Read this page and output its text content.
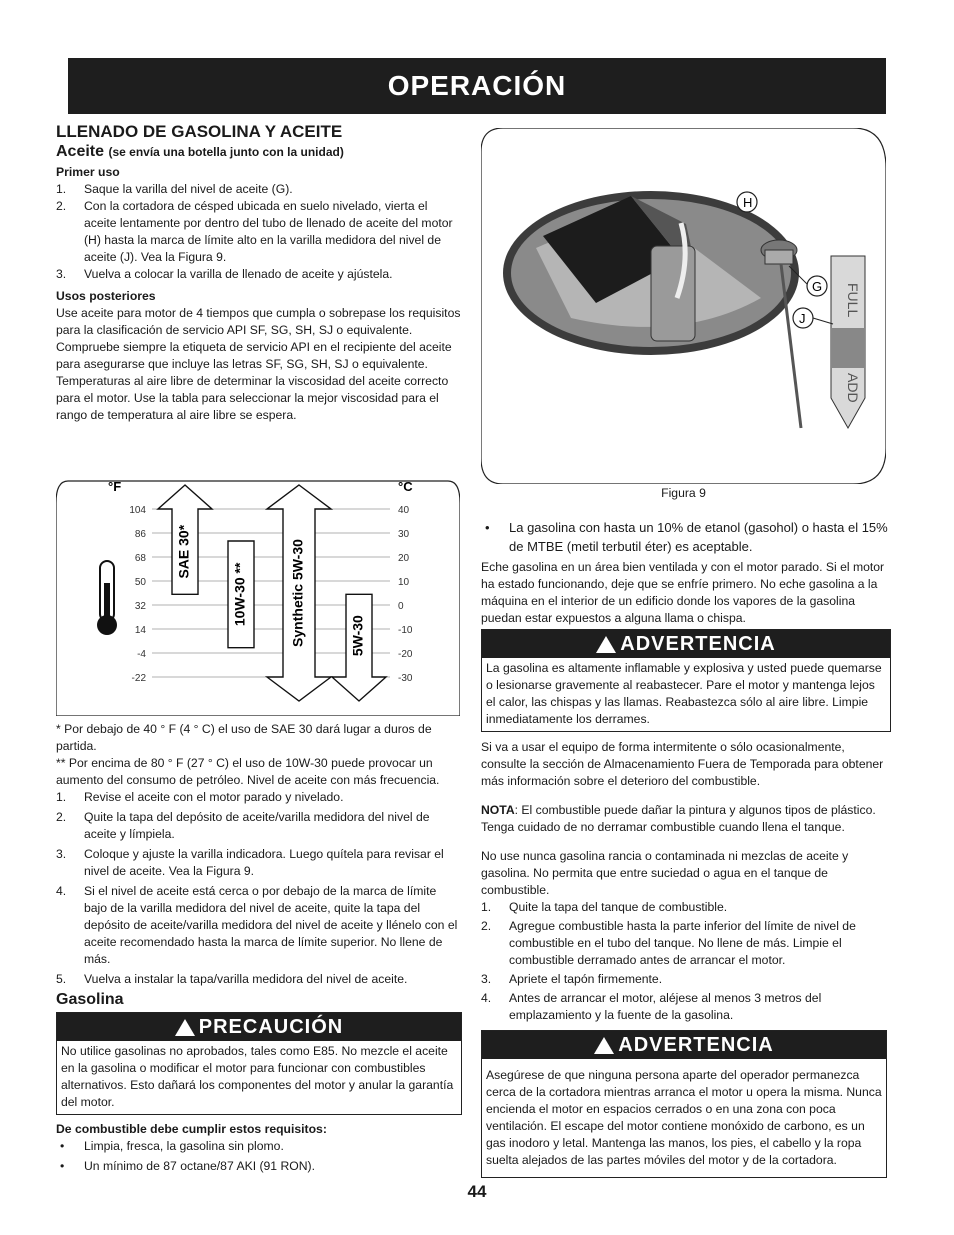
OPERACIÓN
LLENADO DE GASOLINA Y ACEITE
Aceite (se envía una botella junto con la unidad)
Primer uso
1. Saque la varilla del nivel de aceite (G).
2. Con la cortadora de césped ubicada en suelo nivelado, vierta el aceite lentamente por dentro del tubo de llenado de aceite del motor (H) hasta la marca de límite alto en la varilla medidora del nivel de aceite (J). Vea la Figura 9.
3. Vuelva a colocar la varilla de llenado de aceite y ajústela.
Usos posteriores

Use aceite para motor de 4 tiempos que cumpla o sobrepase los requisitos para la clasificación de servicio API SF, SG, SH, SJ o equivalente.

Compruebe siempre la etiqueta de servicio API en el recipiente del aceite para asegurarse que incluye las letras SF, SG, SH, SJ o equivalente. Temperaturas al aire libre de determinar la viscosidad del aceite correcto para el motor. Use la tabla para seleccionar la mejor viscosidad para el rango de temperatura al aire libre se espera.

°F	°C
104	40
86	30
68	20
50	10
32	0
14	-10
-4	-20
-22	-30
SAE 30*
10W-30 **	Synthetic 5W-30	5W-30

* Por debajo de 40 ° F (4 ° C) el uso de SAE 30 dará lugar a duros de partida.

** Por encima de 80 ° F (27 ° C) el uso de 10W-30 puede provocar un aumento del consumo de petróleo. Nivel de aceite con más frecuencia.

1. Revise el aceite con el motor parado y nivelado.
2. Quite la tapa del depósito de aceite/varilla medidora del nivel de aceite y límpiela.
3. Coloque y ajuste la varilla indicadora. Luego quítela para revisar el nivel de aceite. Vea la Figura 9.
4. Si el nivel de aceite está cerca o por debajo de la marca de límite bajo de la varilla medidora del nivel de aceite, quite la tapa del depósito de aceite/varilla medidora del nivel de aceite y llénelo con el aceite recomendado hasta la marca de límite superior. No llene de más.
5. Vuelva a instalar la tapa/varilla medidora del nivel de aceite.
Gasolina
PRECAUCIÓN
No utilice gasolinas no aprobados, tales como E85. No mezcle el aceite en la gasolina o modificar el motor para funcionar con combustibles alternativos. Esto dañará los componentes del motor y anular la garantía del motor.
De combustible debe cumplir estos requisitos:
• Limpia, fresca, la gasolina sin plomo.
• Un mínimo de 87 octane/87 AKI (91 RON).
FULL
ADD
H
G
J
Figura 9
• La gasolina con hasta un 10% de etanol (gasohol) o hasta el 15% de MTBE (metil terbutil éter) es aceptable.

Eche gasolina en un área bien ventilada y con el motor parado. Si el motor ha estado funcionando, deje que se enfríe primero. No eche gasolina a la máquina en el interior de un edificio donde los vapores de la gasolina puedan estar expuestos a alguna llama o chispa.

ADVERTENCIA
La gasolina es altamente inflamable y explosiva y usted puede quemarse o lesionarse gravemente al reabastecer. Pare el motor y mantenga lejos el calor, las chispas y las llamas. Reabastezca sólo al aire libre. Limpie inmediatamente los derrames.

Si va a usar el equipo de forma intermitente o sólo ocasionalmente, consulte la sección de Almacenamiento Fuera de Temporada para obtener más información sobre el deterioro del combustible.

NOTA: El combustible puede dañar la pintura y algunos tipos de plástico. Tenga cuidado de no derramar combustible cuando llena el tanque.

No use nunca gasolina rancia o contaminada ni mezclas de aceite y gasolina. No permita que entre suciedad o agua en el tanque de combustible.

1. Quite la tapa del tanque de combustible.
2. Agregue combustible hasta la parte inferior del límite de nivel de combustible en el tubo del tanque. No llene de más. Limpie el combustible derramado antes de arrancar el motor.
3. Apriete el tapón firmemente.
4. Antes de arrancar el motor, aléjese al menos 3 metros del emplazamiento y la fuente de la gasolina.
ADVERTENCIA
Asegúrese de que ninguna persona aparte del operador permanezca cerca de la cortadora mientras arranca el motor u opera la misma. Nunca encienda el motor en espacios cerrados o en una zona con poca ventilación. El escape del motor contiene monóxido de carbono, es un gas inodoro y letal. Mantenga las manos, los pies, el cabello y la ropa suelta alejados de las partes móviles del motor y de la cortadora.
44
